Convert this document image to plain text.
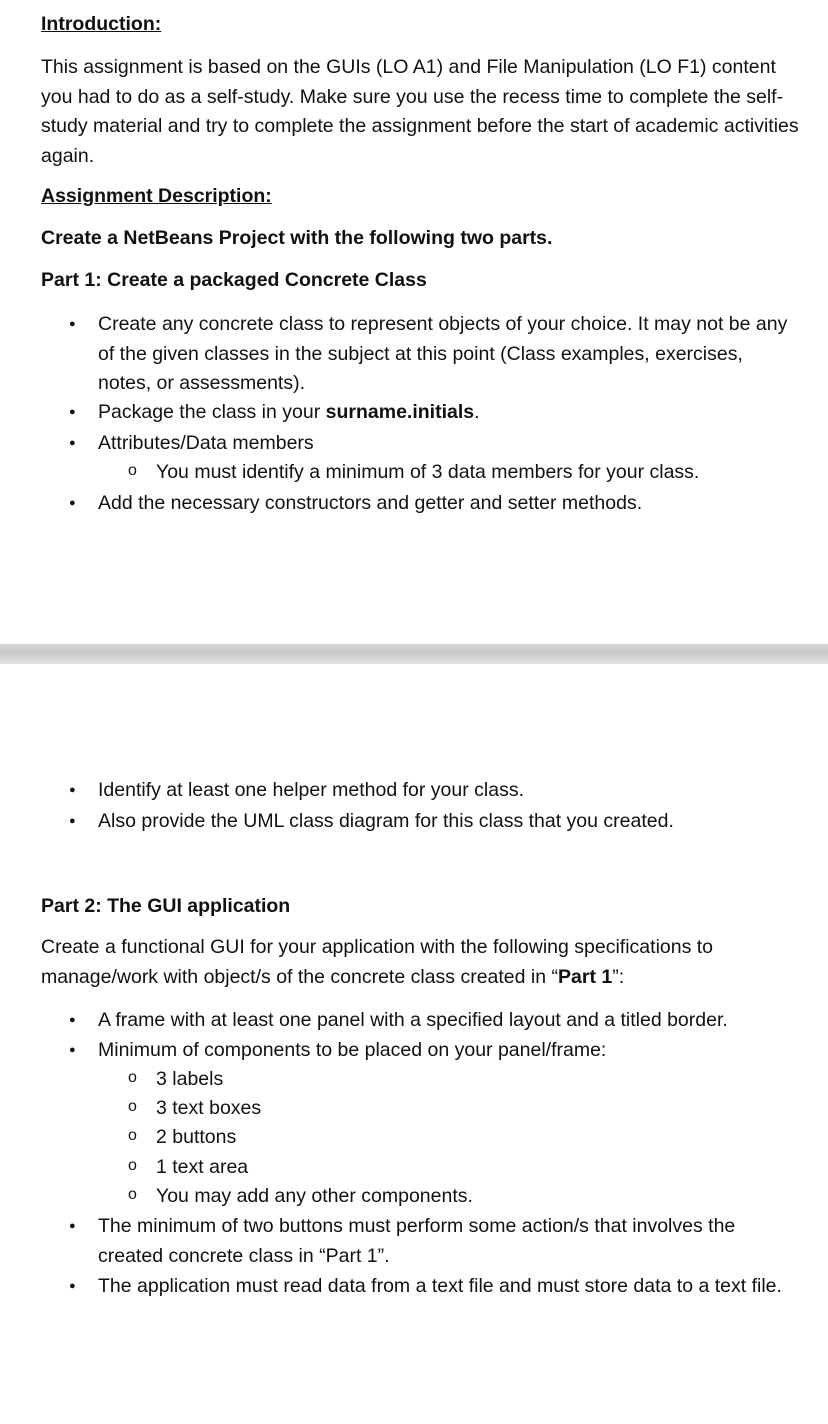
Introduction:

This assignment is based on the GUIs (LO A1) and File Manipulation (LO F1) content you had to do as a self-study. Make sure you use the recess time to complete the self-study material and try to complete the assignment before the start of academic activities again.

Assignment Description:

Create a NetBeans Project with the following two parts.

Part 1: Create a packaged Concrete Class

● Create any concrete class to represent objects of your choice. It may not be any of the given classes in the subject at this point (Class examples, exercises, notes, or assessments).
● Package the class in your surname.initials.
● Attributes/Data members
o You must identify a minimum of 3 data members for your class.
● Add the necessary constructors and getter and setter methods.
● Identify at least one helper method for your class.
● Also provide the UML class diagram for this class that you created.

Part 2: The GUI application

Create a functional GUI for your application with the following specifications to manage/work with object/s of the concrete class created in “Part 1”:

● A frame with at least one panel with a specified layout and a titled border.
● Minimum of components to be placed on your panel/frame:
o 3 labels
o 3 text boxes
o 2 buttons
o 1 text area
o You may add any other components.
● The minimum of two buttons must perform some action/s that involves the created concrete class in “Part 1”.
● The application must read data from a text file and must store data to a text file.
